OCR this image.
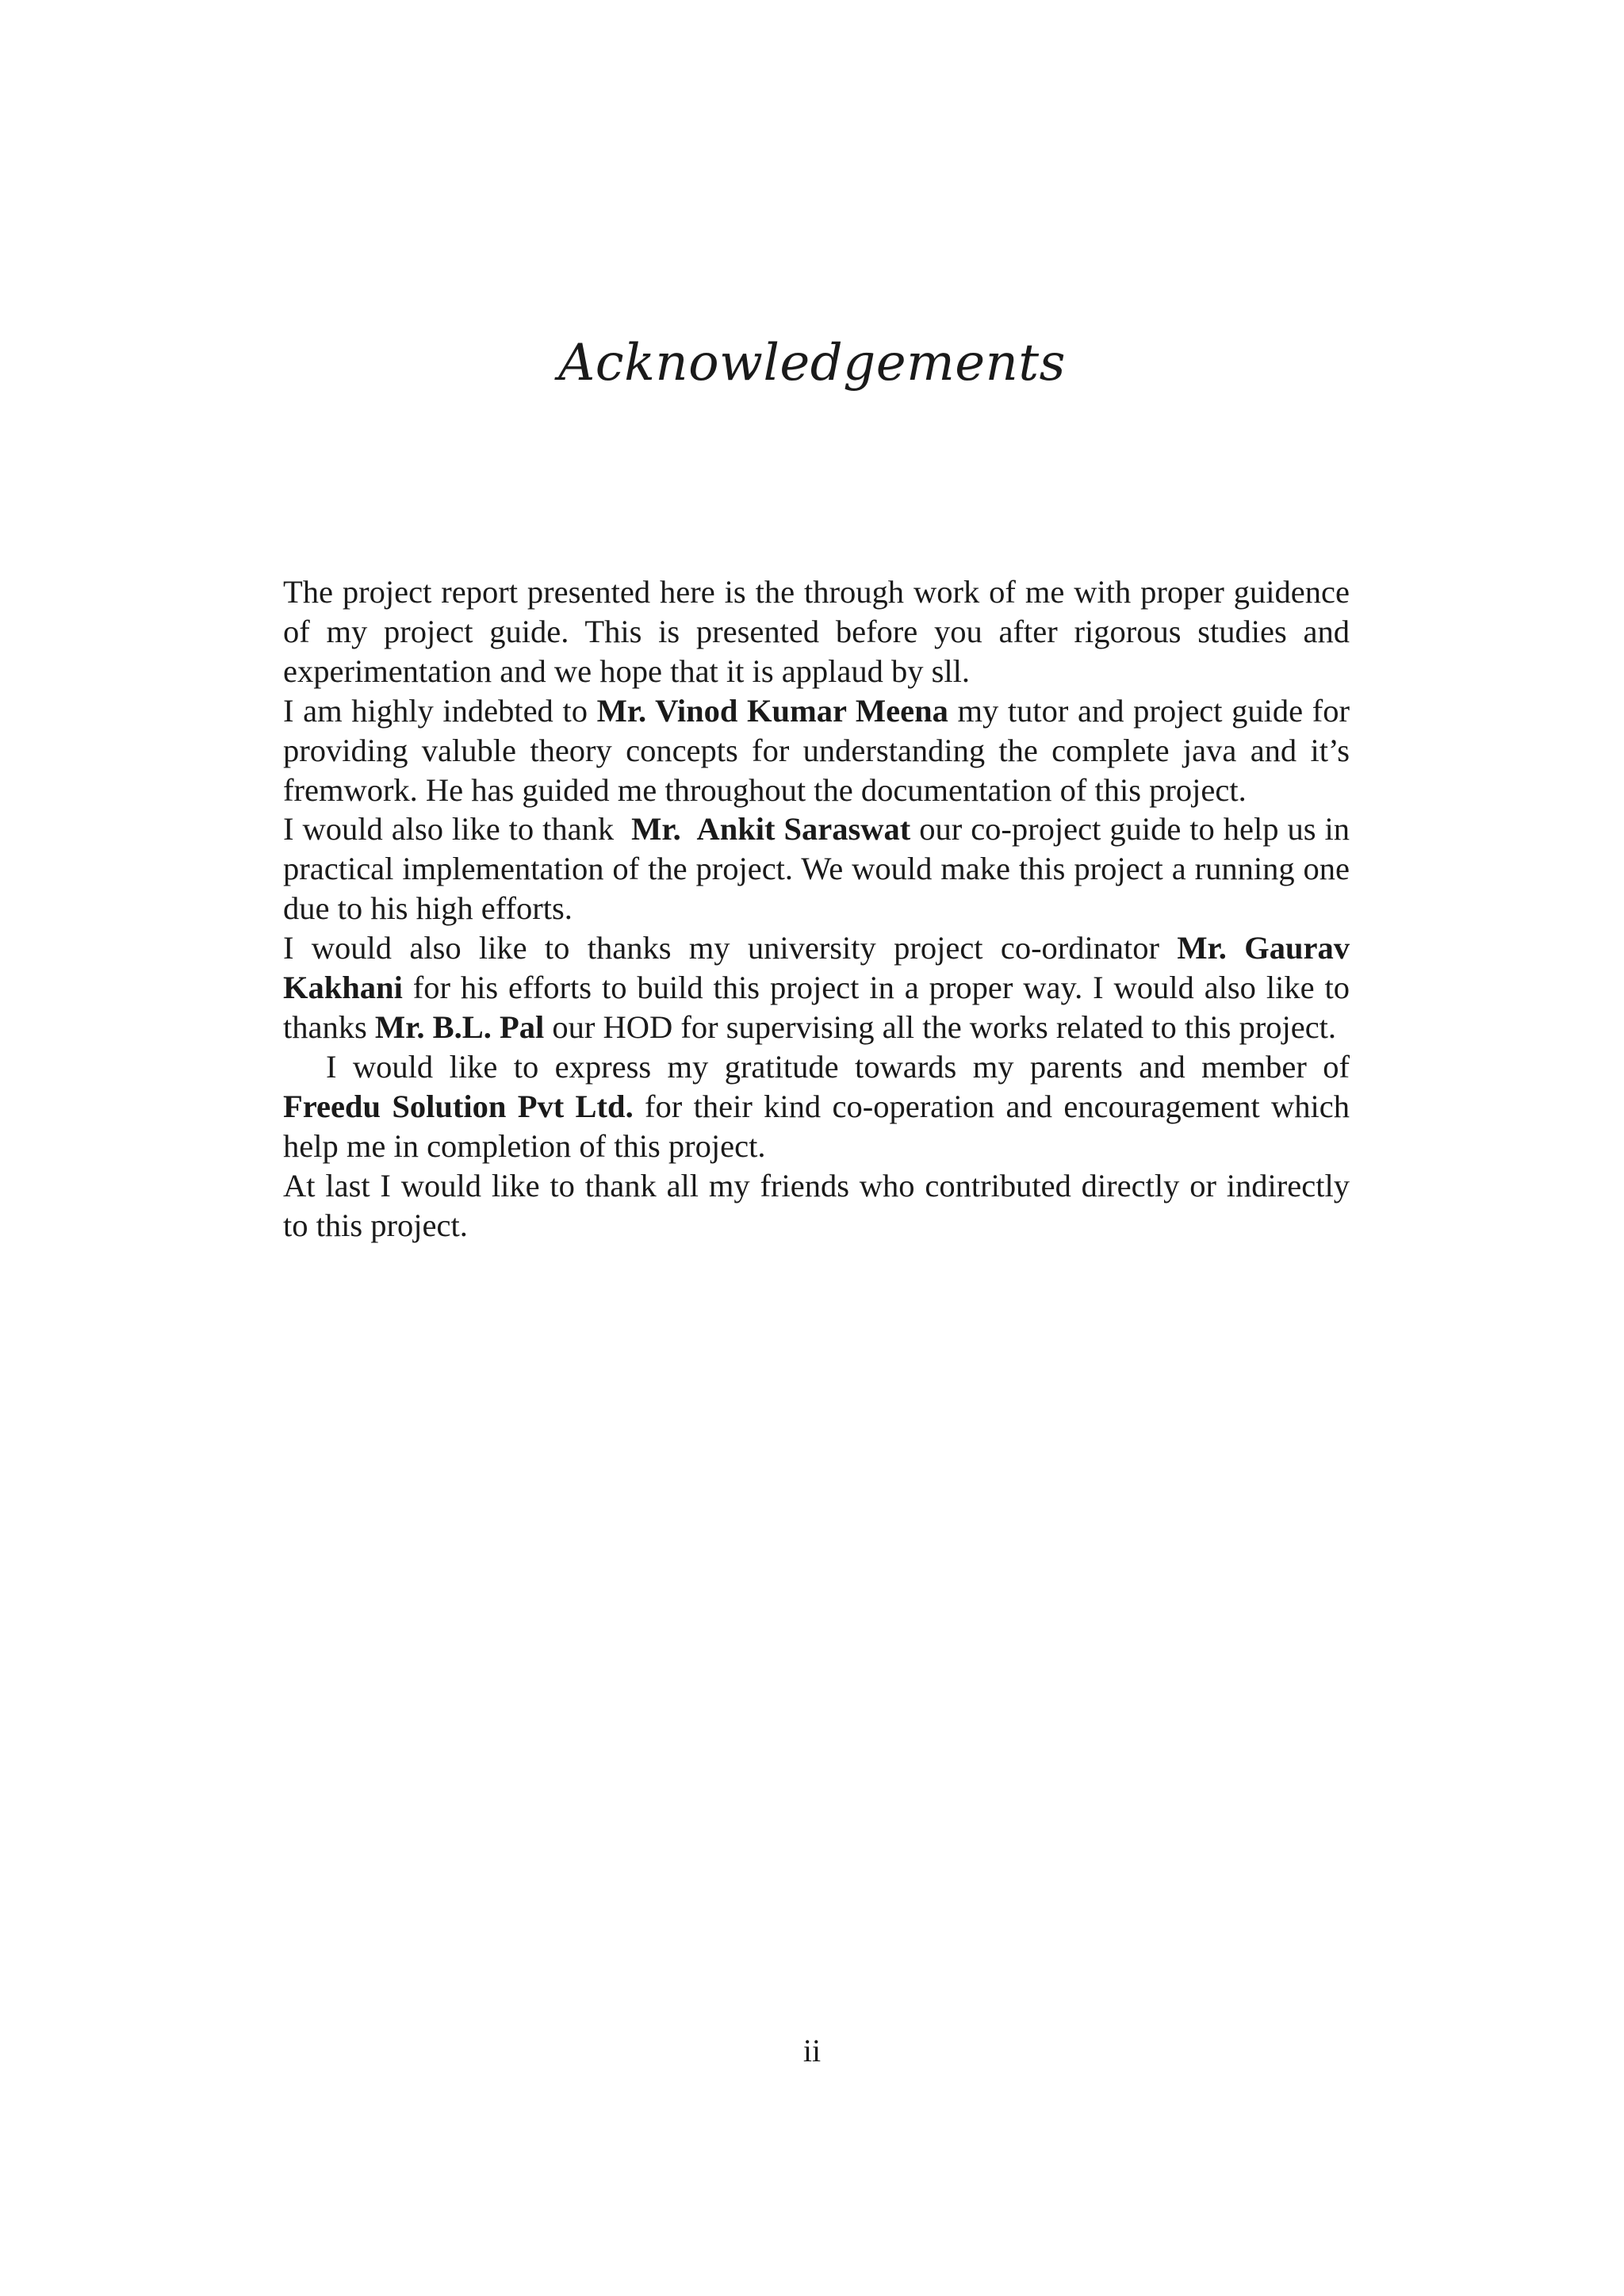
Acknowledgements

The project report presented here is the through work of me with proper guidence of my project guide. This is presented before you after rigorous studies and experimentation and we hope that it is applaud by sll.

I am highly indebted to Mr. Vinod Kumar Meena my tutor and project guide for providing valuble theory concepts for understanding the complete java and it’s fremwork. He has guided me throughout the documentation of this project.

I would also like to thank  Mr.  Ankit Saraswat our co-project guide to help us in practical implementation of the project. We would make this project a running one due to his high efforts.

I would also like to thanks my university project co-ordinator Mr. Gaurav Kakhani for his efforts to build this project in a proper way. I would also like to thanks Mr. B.L. Pal our HOD for supervising all the works related to this project.

I would like to express my gratitude towards my parents and member of Freedu Solution Pvt Ltd. for their kind co-operation and encouragement which help me in completion of this project.

At last I would like to thank all my friends who contributed directly or indirectly to this project.

ii
